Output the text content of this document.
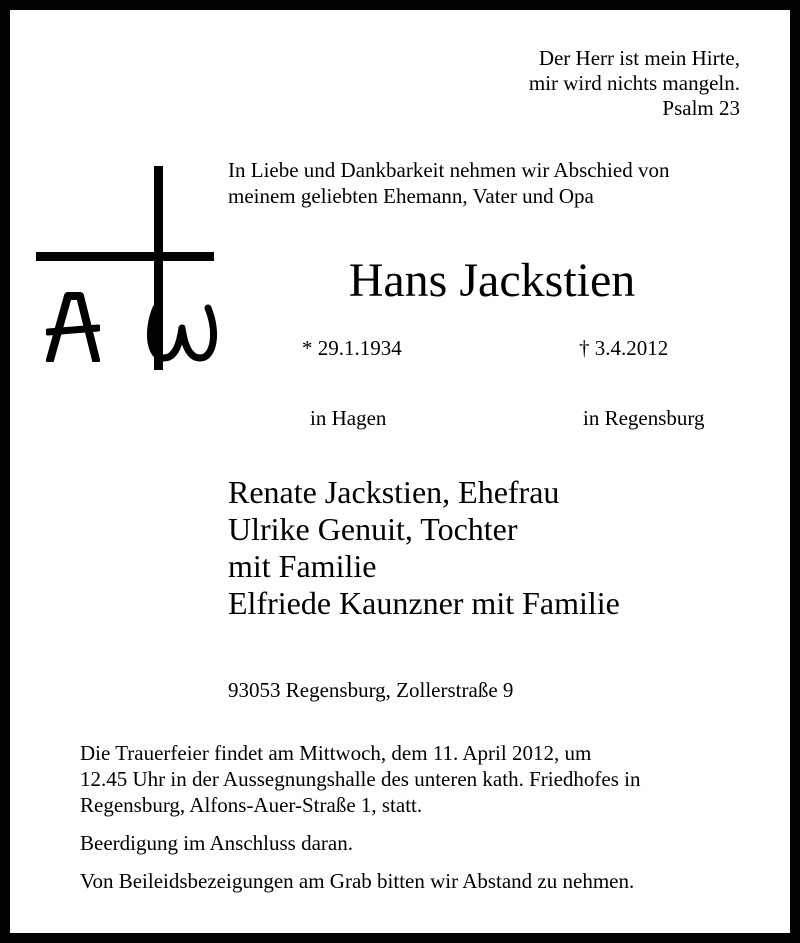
Der Herr ist mein Hirte,
mir wird nichts mangeln.
Psalm 23
In Liebe und Dankbarkeit nehmen wir Abschied von
meinem geliebten Ehemann, Vater und Opa
Hans Jackstien
* 29.1.1934	† 3.4.2012
in Hagen	in Regensburg
Renate Jackstien, Ehefrau
Ulrike Genuit, Tochter
mit Familie
Elfriede Kaunzner mit Familie
93053 Regensburg, Zollerstraße 9

Die Trauerfeier findet am Mittwoch, dem 11. April 2012, um
12.45 Uhr in der Aussegnungshalle des unteren kath. Friedhofes in
Regensburg, Alfons-Auer-Straße 1, statt.

Beerdigung im Anschluss daran.

Von Beileidsbezeigungen am Grab bitten wir Abstand zu nehmen.
